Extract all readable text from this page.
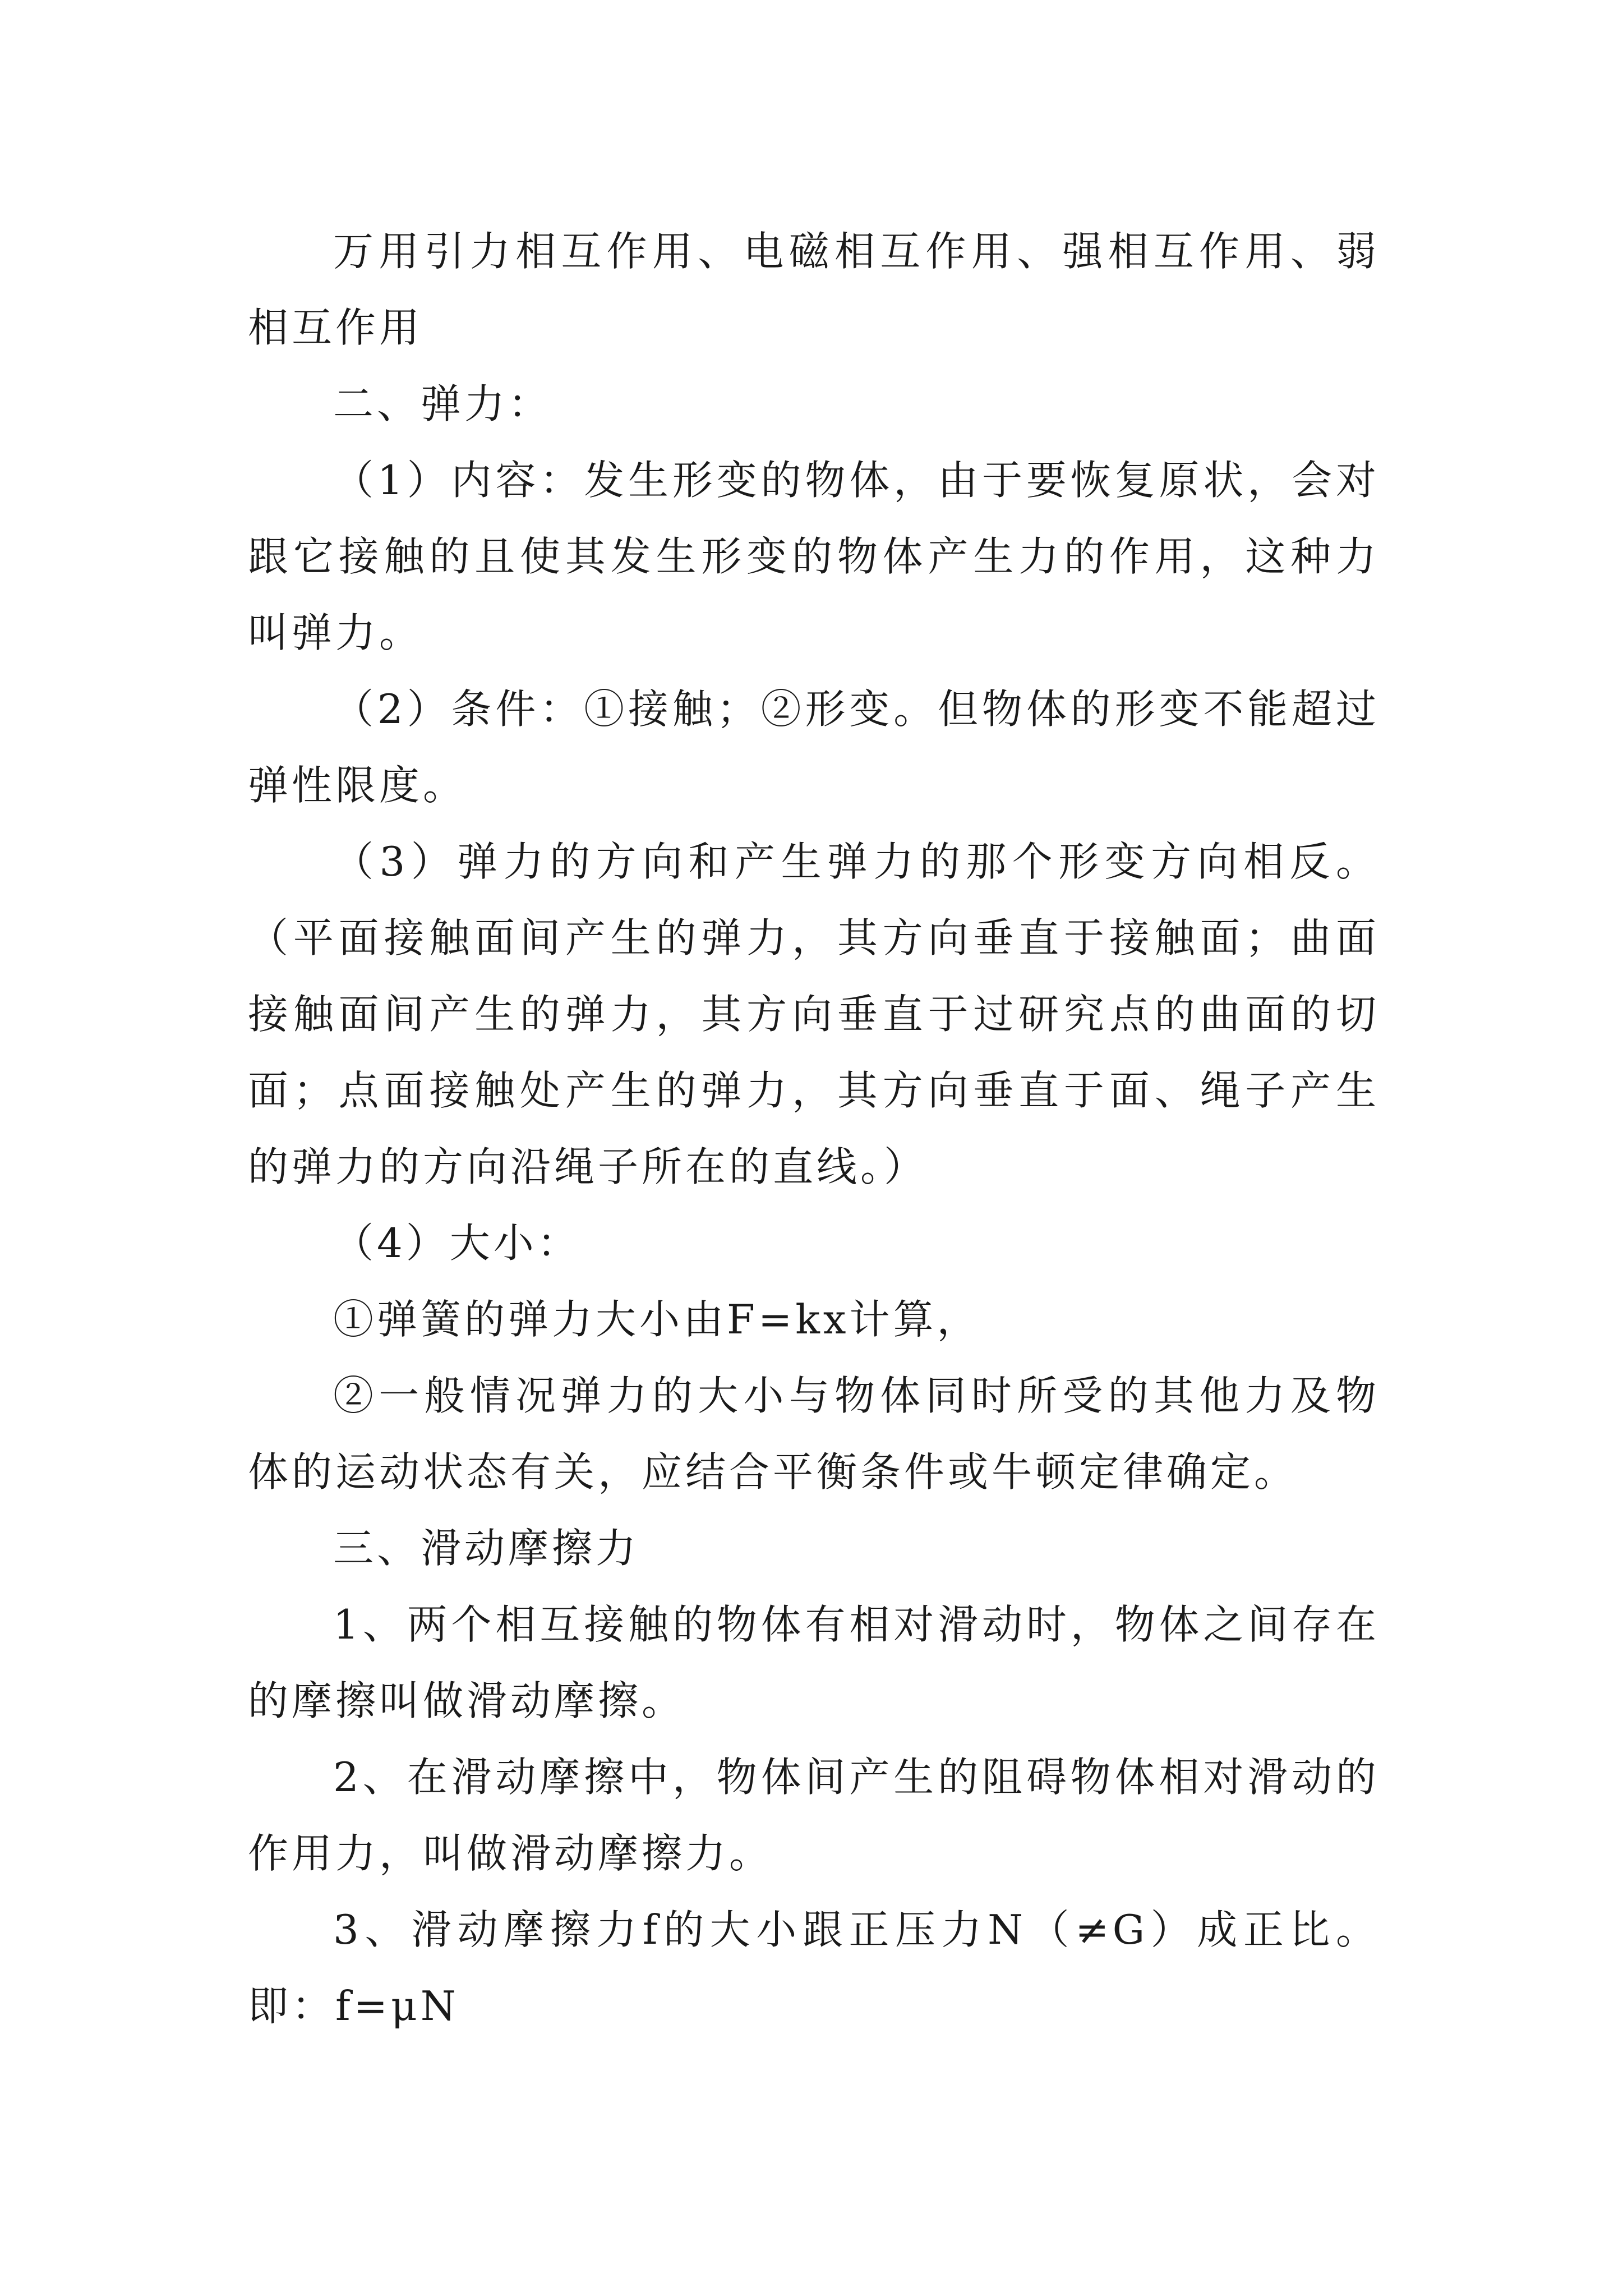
万用引力相互作用、电磁相互作用、强相互作用、弱相互作用

二、弹力：

（1）内容：发生形变的物体，由于要恢复原状，会对跟它接触的且使其发生形变的物体产生力的作用，这种力叫弹力。

（2）条件：①接触；②形变。但物体的形变不能超过弹性限度。

（3）弹力的方向和产生弹力的那个形变方向相反。（平面接触面间产生的弹力，其方向垂直于接触面；曲面接触面间产生的弹力，其方向垂直于过研究点的曲面的切面；点面接触处产生的弹力，其方向垂直于面、绳子产生的弹力的方向沿绳子所在的直线。）

（4）大小：

①弹簧的弹力大小由F=kx计算，

②一般情况弹力的大小与物体同时所受的其他力及物体的运动状态有关，应结合平衡条件或牛顿定律确定。

三、滑动摩擦力

1、两个相互接触的物体有相对滑动时，物体之间存在的摩擦叫做滑动摩擦。

2、在滑动摩擦中，物体间产生的阻碍物体相对滑动的作用力，叫做滑动摩擦力。

3、滑动摩擦力f的大小跟正压力N（≠G）成正比。即：f=μN
